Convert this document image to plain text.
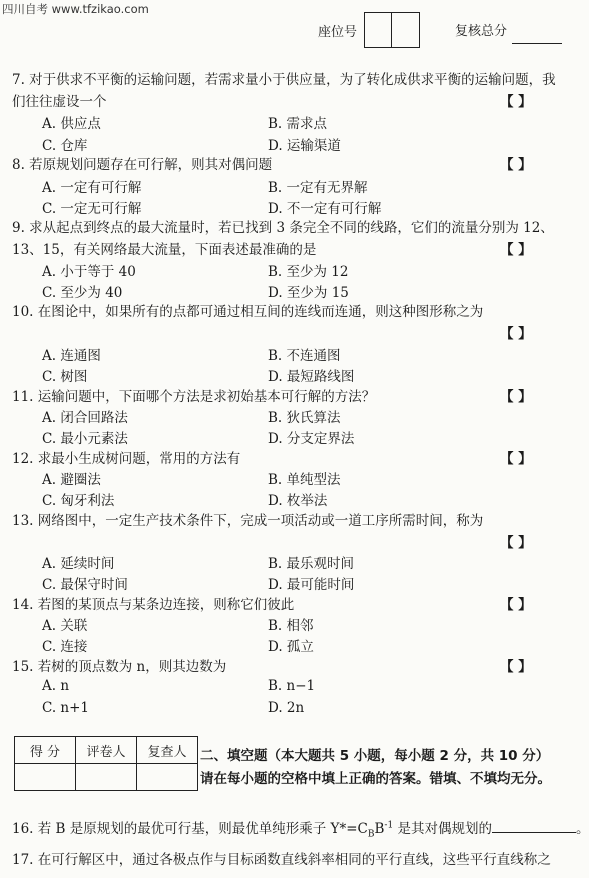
四川自考 www.tfzikao.com
座位号	复核总分
7. 对于供求不平衡的运输问题，若需求量小于供应量，为了转化成供求平衡的运输问题，我
们往往虚设一个	【 】
A. 供应点	B. 需求点
C. 仓库	D. 运输渠道
8. 若原规划问题存在可行解，则其对偶问题	【 】
A. 一定有可行解	B. 一定有无界解
C. 一定无可行解	D. 不一定有可行解
9. 求从起点到终点的最大流量时，若已找到 3 条完全不同的线路，它们的流量分别为 12、
13、15，有关网络最大流量，下面表述最准确的是	【 】
A. 小于等于 40	B. 至少为 12
C. 至少为 40	D. 至少为 15
10. 在图论中，如果所有的点都可通过相互间的连线而连通，则这种图形称之为
【 】
A. 连通图	B. 不连通图
C. 树图	D. 最短路线图
11. 运输问题中，下面哪个方法是求初始基本可行解的方法？	【 】
A. 闭合回路法	B. 狄氏算法
C. 最小元素法	D. 分支定界法
12. 求最小生成树问题，常用的方法有	【 】
A. 避圈法	B. 单纯型法
C. 匈牙利法	D. 枚举法
13. 网络图中，一定生产技术条件下，完成一项活动或一道工序所需时间，称为
【 】
A. 延续时间	B. 最乐观时间
C. 最保守时间	D. 最可能时间
14. 若图的某顶点与某条边连接，则称它们彼此	【 】
A. 关联	B. 相邻
C. 连接	D. 孤立
15. 若树的顶点数为 n，则其边数为	【 】
A. n	B. n−1
C. n+1	D. 2n
得 分	评卷人	复查人
		二、填空题（本大题共 5 小题，每小题 2 分，共 10 分）
请在每小题的空格中填上正确的答案。错填、不填均无分。
16. 若 B 是原规划的最优可行基，则最优单纯形乘子 $Y*=C_BB^{-1}$ 是其对偶规划的	。
17. 在可行解区中，通过各极点作与目标函数直线斜率相同的平行直线，这些平行直线称之
